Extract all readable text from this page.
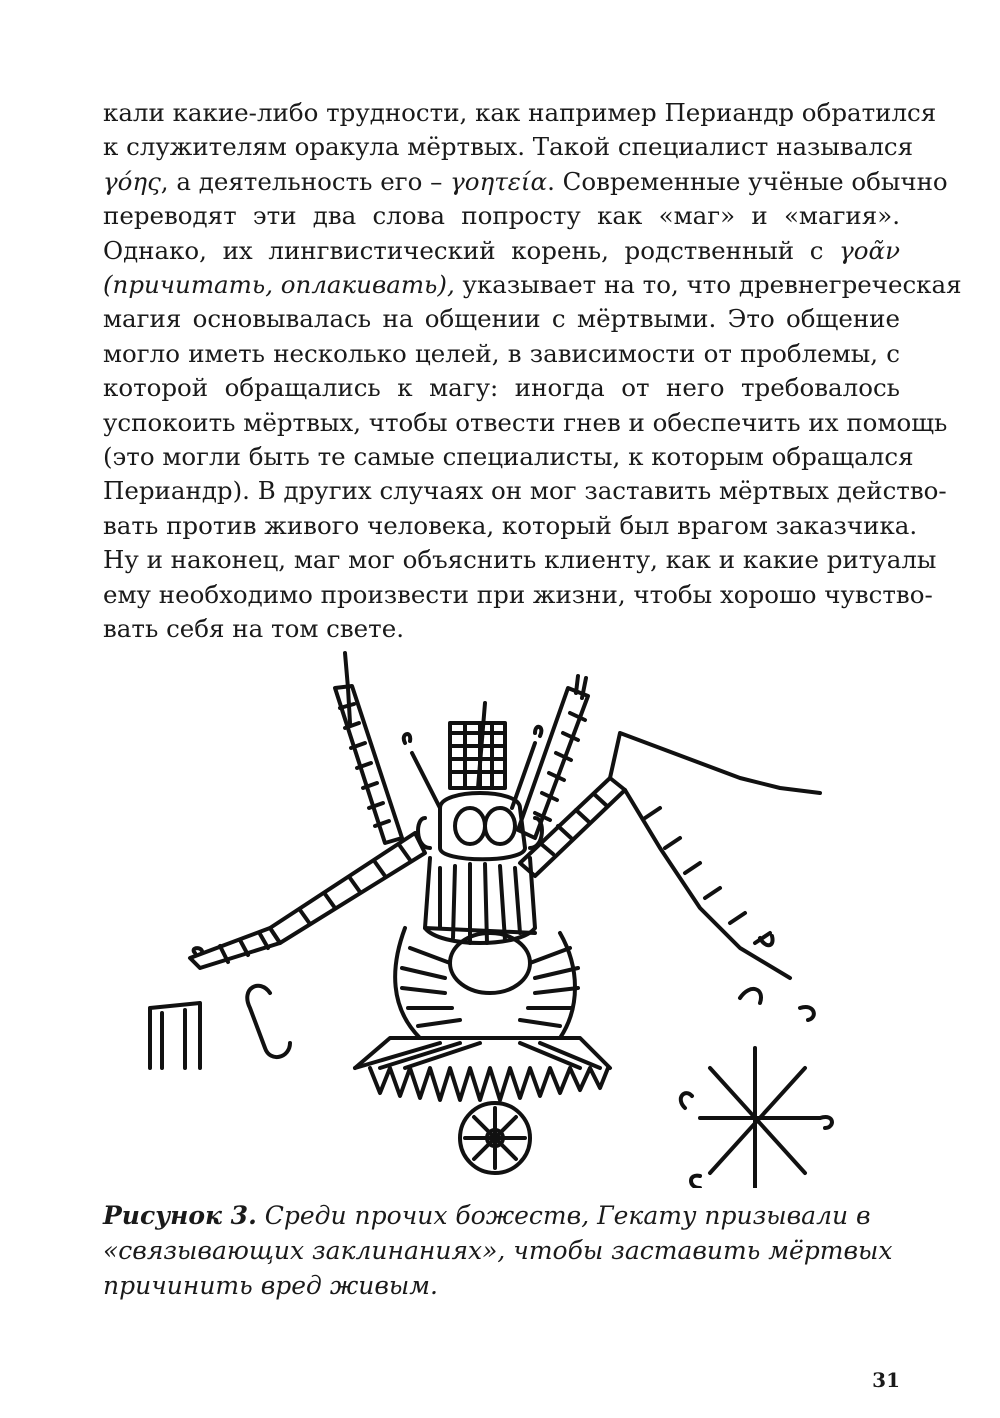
кали какие-либо трудности, как например Периандр обратился
к служителям оракула мёртвых. Такой специалист назывался
γόης, а деятельность его – γοητεία. Современные учёные обычно
переводят эти два слова попросту как «маг» и «магия».
Однако, их лингвистический корень, родственный с γοᾶν
(причитать, оплакивать), указывает на то, что древнегреческая
магия основывалась на общении с мёртвыми. Это общение
могло иметь несколько целей, в зависимости от проблемы, с
которой обращались к магу: иногда от него требовалось
успокоить мёртвых, чтобы отвести гнев и обеспечить их помощь
(это могли быть те самые специалисты, к которым обращался
Периандр). В других случаях он мог заставить мёртвых действо-
вать против живого человека, который был врагом заказчика.
Ну и наконец, маг мог объяснить клиенту, как и какие ритуалы
ему необходимо произвести при жизни, чтобы хорошо чувство-
вать себя на том свете.
Рисунок 3. Среди прочих божеств, Гекату призывали в
«связывающих заклинаниях», чтобы заставить мёртвых
причинить вред живым.
31
